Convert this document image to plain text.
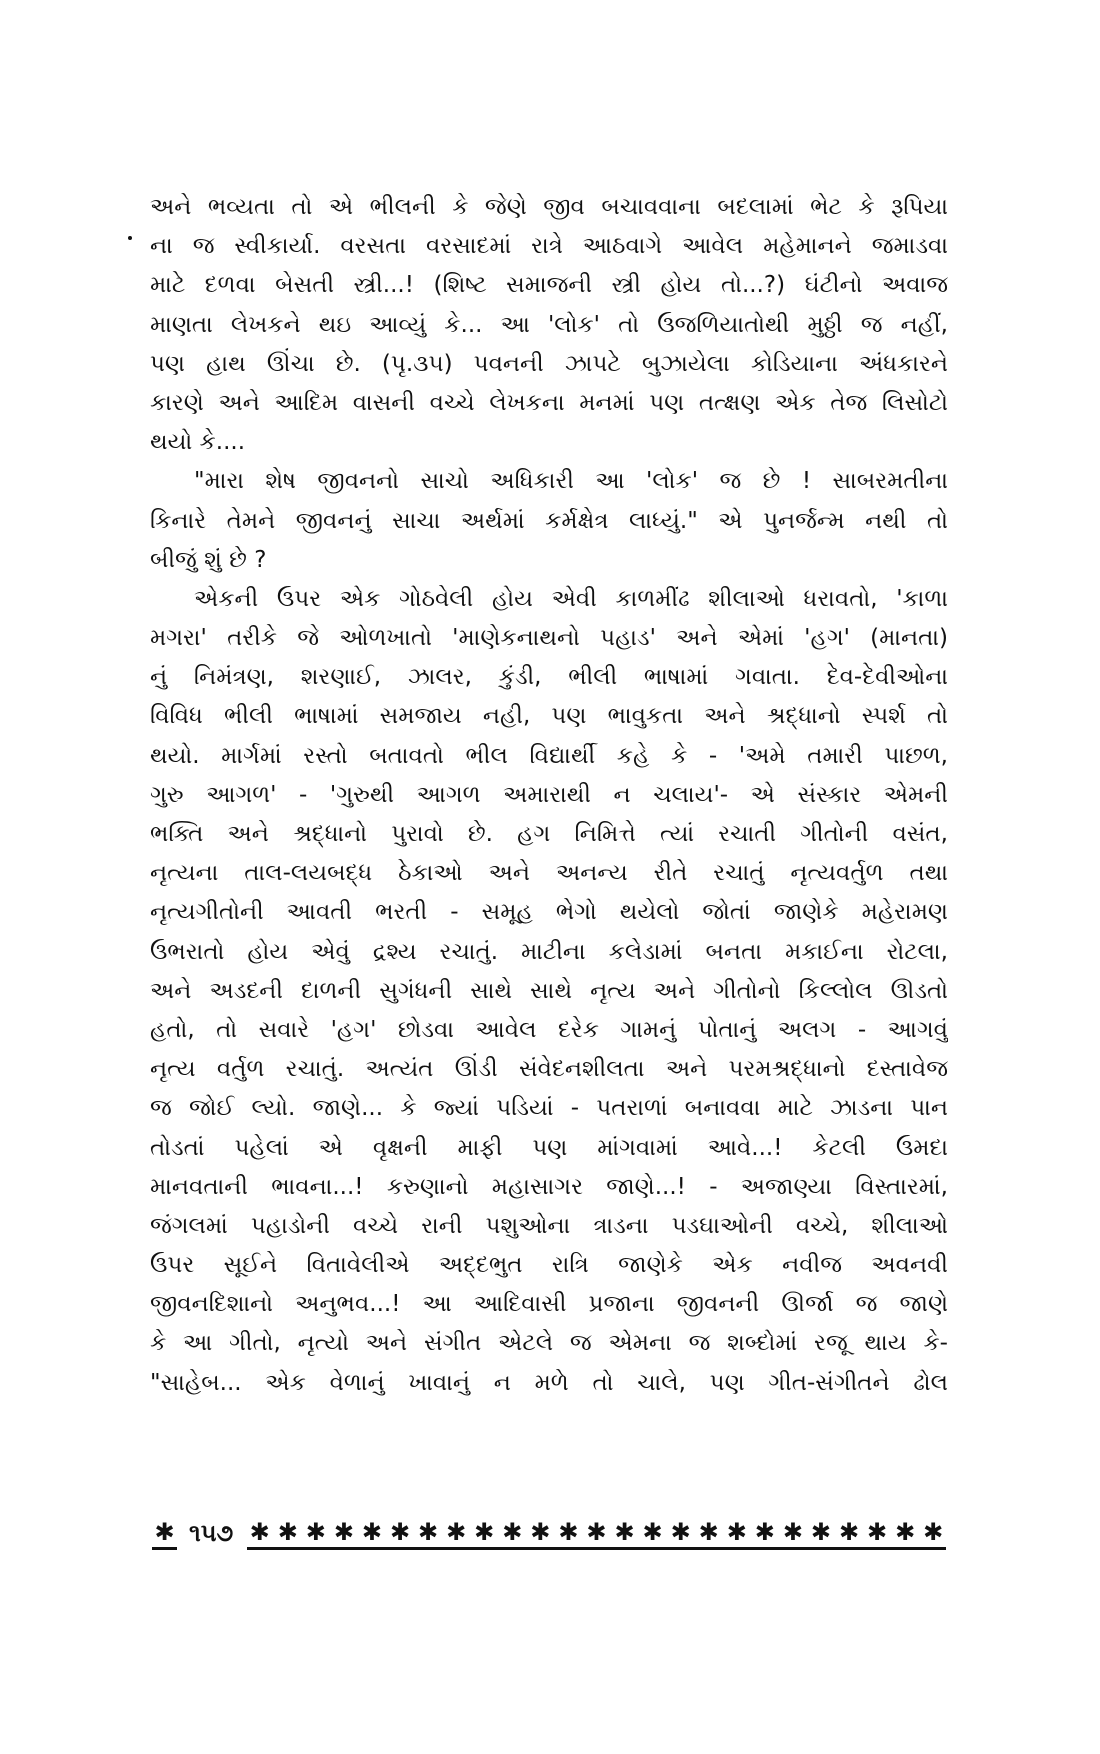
અને ભવ્યતા તો એ ભીલની કે જેણે જીવ બચાવવાના બદલામાં ભેટ કે રૂપિયા
ના જ સ્વીકાર્યા. વરસતા વરસાદમાં રાત્રે આઠવાગે આવેલ મહેમાનને જમાડવા
માટે દળવા બેસતી સ્ત્રી...! (શિષ્ટ સમાજની સ્ત્રી હોય તો...?) ઘંટીનો અવાજ
માણતા લેખકને થઇ આવ્યું કે... આ 'લોક' તો ઉજળિયાતોથી મુઠ્ઠી જ નહીં,
પણ હાથ ઊંચા છે. (પૃ.૩૫) પવનની ઝાપટે બુઝાયેલા કોડિયાના અંધકારને
કારણે અને આદિમ વાસની વચ્ચે લેખકના મનમાં પણ તત્ક્ષણ એક તેજ લિસોટો
થયો કે....
"મારા શેષ જીવનનો સાચો અધિકારી આ 'લોક' જ છે ! સાબરમતીના
કિનારે તેમને જીવનનું સાચા અર્થમાં કર્મક્ષેત્ર લાધ્યું." એ પુનર્જન્મ નથી તો
બીજું શું છે ?
એકની ઉપર એક ગોઠવેલી હોય એવી કાળમીંઢ શીલાઓ ધરાવતો, 'કાળા
મગરા' તરીકે જે ઓળખાતો 'માણેકનાથનો પહાડ' અને એમાં 'હગ' (માનતા)
નું નિમંત્રણ, શરણાઈ, ઝાલર, કુંડી, ભીલી ભાષામાં ગવાતા. દેવ-દેવીઓના
વિવિધ ભીલી ભાષામાં સમજાય નહી, પણ ભાવુકતા અને શ્રદ્ધાનો સ્પર્શ તો
થયો. માર્ગમાં રસ્તો બતાવતો ભીલ વિદ્યાર્થી કહે કે - 'અમે તમારી પાછળ,
ગુરુ આગળ' - 'ગુરુથી આગળ અમારાથી ન ચલાય'- એ સંસ્કાર એમની
ભક્તિ અને શ્રદ્ધાનો પુરાવો છે. હગ નિમિત્તે ત્યાં રચાતી ગીતોની વસંત,
નૃત્યના તાલ-લયબદ્ધ ઠેકાઓ અને અનન્ય રીતે રચાતું નૃત્યવર્તુળ તથા
નૃત્યગીતોની આવતી ભરતી - સમૂહ ભેગો થયેલો જોતાં જાણેકે મહેરામણ
ઉભરાતો હોય એવું દ્રશ્ય રચાતું. માટીના કલેડામાં બનતા મકાઈના રોટલા,
અને અડદની દાળની સુગંધની સાથે સાથે નૃત્ય અને ગીતોનો કિલ્લોલ ઊડતો
હતો, તો સવારે 'હગ' છોડવા આવેલ દરેક ગામનું પોતાનું અલગ - આગવું
નૃત્ય વર્તુળ રચાતું. અત્યંત ઊંડી સંવેદનશીલતા અને પરમશ્રદ્ધાનો દસ્તાવેજ
જ જોઈ લ્યો. જાણે... કે જ્યાં પડિયાં - પતરાળાં બનાવવા માટે ઝાડના પાન
તોડતાં પહેલાં એ વૃક્ષની માફી પણ માંગવામાં આવે...! કેટલી ઉમદા
માનવતાની ભાવના...! કરુણાનો મહાસાગર જાણે...! - અજાણ્યા વિસ્તારમાં,
જંગલમાં પહાડોની વચ્ચે રાની પશુઓના ત્રાડના પડઘાઓની વચ્ચે, શીલાઓ
ઉપર સૂઈને વિતાવેલીએ અદ્દભુત રાત્રિ જાણેકે એક નવીજ અવનવી
જીવનદિશાનો અનુભવ...! આ આદિવાસી પ્રજાના જીવનની ઊર્જા જ જાણે
કે આ ગીતો, નૃત્યો અને સંગીત એટલે જ એમના જ શબ્દોમાં રજૂ થાય કે-
"સાહેબ... એક વેળાનું ખાવાનું ન મળે તો ચાલે, પણ ગીત-સંગીતને ઢોલ
✱ ૧૫૭ ✱ ✱ ✱ ✱ ✱ ✱ ✱ ✱ ✱ ✱ ✱ ✱ ✱ ✱ ✱ ✱ ✱ ✱ ✱ ✱ ✱ ✱ ✱ ✱ ✱
